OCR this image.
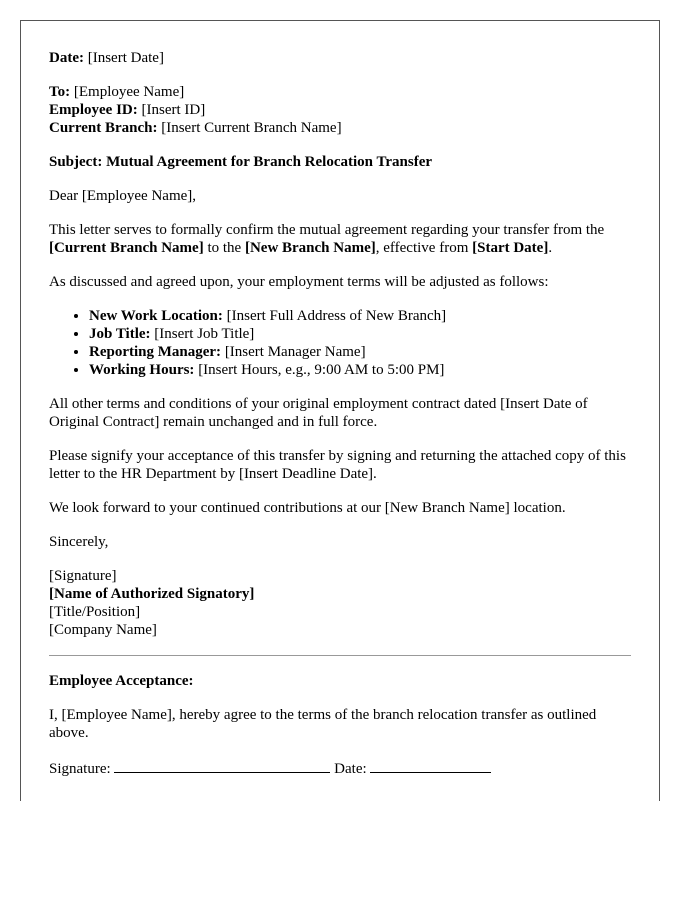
Date: [Insert Date]

To: [Employee Name]
Employee ID: [Insert ID]
Current Branch: [Insert Current Branch Name]

Subject: Mutual Agreement for Branch Relocation Transfer

Dear [Employee Name],

This letter serves to formally confirm the mutual agreement regarding your transfer from the [Current Branch Name] to the [New Branch Name], effective from [Start Date].

As discussed and agreed upon, your employment terms will be adjusted as follows:

• New Work Location: [Insert Full Address of New Branch]
• Job Title: [Insert Job Title]
• Reporting Manager: [Insert Manager Name]
• Working Hours: [Insert Hours, e.g., 9:00 AM to 5:00 PM]

All other terms and conditions of your original employment contract dated [Insert Date of Original Contract] remain unchanged and in full force.

Please signify your acceptance of this transfer by signing and returning the attached copy of this letter to the HR Department by [Insert Deadline Date].

We look forward to your continued contributions at our [New Branch Name] location.

Sincerely,

[Signature]
[Name of Authorized Signatory]
[Title/Position]
[Company Name]

Employee Acceptance:

I, [Employee Name], hereby agree to the terms of the branch relocation transfer as outlined above.

Signature:	Date:
